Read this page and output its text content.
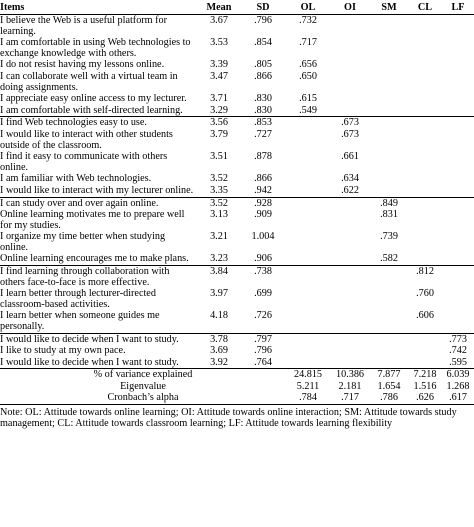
Items	Mean	SD	OL	OI	SM	CL	LF
I believe the Web is a useful platform for learning.	3.67	.796	.732				
I am comfortable in using Web technologies to exchange knowledge with others.	3.53	.854	.717				
I do not resist having my lessons online.	3.39	.805	.656				
I can collaborate well with a virtual team in doing assignments.	3.47	.866	.650				
I appreciate easy online access to my lecturer.	3.71	.830	.615				
I am comfortable with self-directed learning.	3.29	.830	.549				
I find Web technologies easy to use.	3.56	.853		.673			
I would like to interact with other students outside of the classroom.	3.79	.727		.673			
I find it easy to communicate with others online.	3.51	.878		.661			
I am familiar with Web technologies.	3.52	.866		.634			
I would like to interact with my lecturer online.	3.35	.942		.622			
I can study over and over again online.	3.52	.928			.849		
Online learning motivates me to prepare well for my studies.	3.13	.909			.831		
I organize my time better when studying online.	3.21	1.004			.739		
Online learning encourages me to make plans.	3.23	.906			.582		
I find learning through collaboration with others face-to-face is more effective.	3.84	.738				.812	
I learn better through lecturer-directed classroom-based activities.	3.97	.699				.760	
I learn better when someone guides me personally.	4.18	.726				.606	
I would like to decide when I want to study.	3.78	.797					.773
I like to study at my own pace.	3.69	.796					.742
I would like to decide when I want to study.	3.92	.764					.595
% of variance explained			24.815	10.386	7.877	7.218	6.039
Eigenvalue			5.211	2.181	1.654	1.516	1.268
Cronbach’s alpha			.784	.717	.786	.626	.617
Note: OL: Attitude towards online learning; OI: Attitude towards online interaction; SM: Attitude towards study management; CL: Attitude towards classroom learning; LF: Attitude towards learning flexibility
